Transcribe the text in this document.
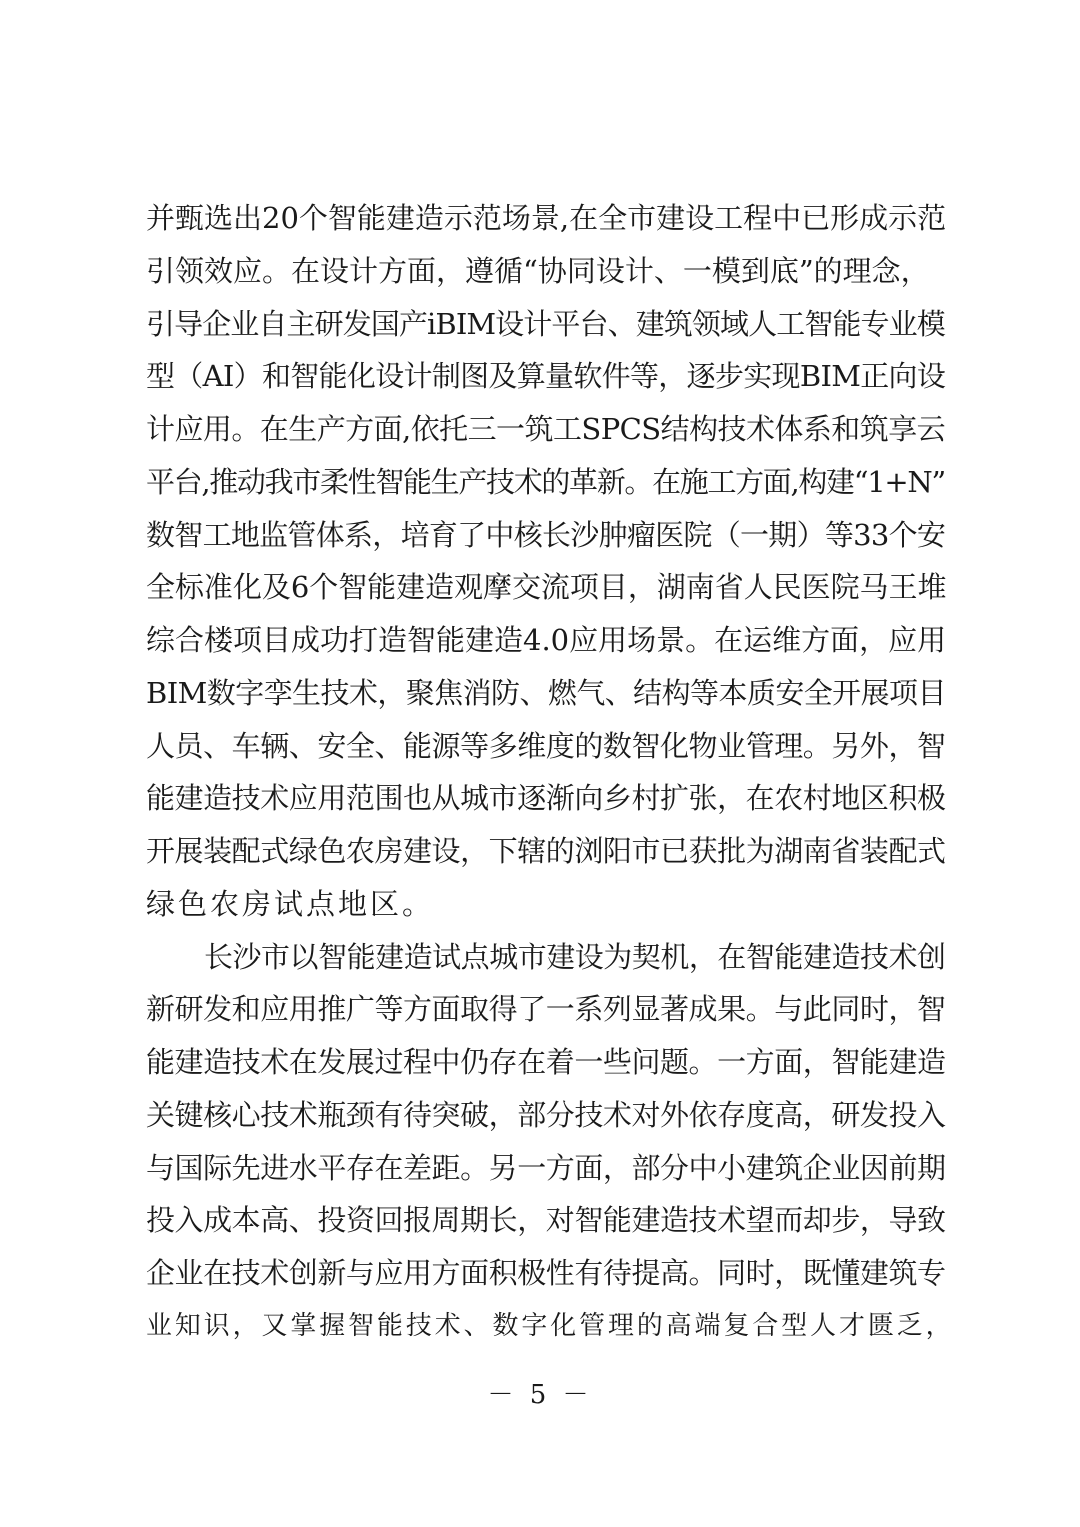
并甄选出20个智能建造示范场景,在全市建设工程中已形成示范
引领效应。在设计方面，遵循“协同设计、一模到底”的理念，
引导企业自主研发国产iBIM设计平台、建筑领域人工智能专业模
型（AI）和智能化设计制图及算量软件等，逐步实现BIM正向设
计应用。在生产方面,依托三一筑工SPCS结构技术体系和筑享云
平台,推动我市柔性智能生产技术的革新。在施工方面,构建“1+N”
数智工地监管体系，培育了中核长沙肿瘤医院（一期）等33个安
全标准化及6个智能建造观摩交流项目，湖南省人民医院马王堆
综合楼项目成功打造智能建造4.0应用场景。在运维方面，应用
BIM数字孪生技术，聚焦消防、燃气、结构等本质安全开展项目
人员、车辆、安全、能源等多维度的数智化物业管理。另外，智
能建造技术应用范围也从城市逐渐向乡村扩张，在农村地区积极
开展装配式绿色农房建设，下辖的浏阳市已获批为湖南省装配式
绿色农房试点地区。
长沙市以智能建造试点城市建设为契机，在智能建造技术创
新研发和应用推广等方面取得了一系列显著成果。与此同时，智
能建造技术在发展过程中仍存在着一些问题。一方面，智能建造
关键核心技术瓶颈有待突破，部分技术对外依存度高，研发投入
与国际先进水平存在差距。另一方面，部分中小建筑企业因前期
投入成本高、投资回报周期长，对智能建造技术望而却步，导致
企业在技术创新与应用方面积极性有待提高。同时，既懂建筑专
－ 5 －
业知识，又掌握智能技术、数字化管理的高端复合型人才匮乏，
